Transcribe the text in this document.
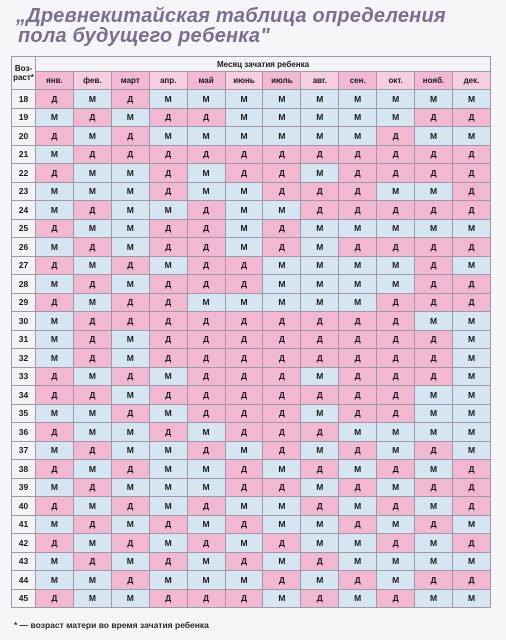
„Древнекитайская таблица определения
пола будущего ребенка"
Воз-раст*	Месяц зачатия ребенка											
	янв.	фев.	март	апр.	май	июнь	июль	авг.	сен.	окт.	нояб.	дек.
18	Д	М	Д	М	М	М	М	М	М	М	М	М
19	М	Д	М	Д	Д	М	М	М	М	М	Д	Д
20	Д	М	Д	М	М	М	М	М	М	Д	М	М
21	М	Д	Д	Д	Д	Д	Д	Д	Д	Д	Д	Д
22	Д	М	М	Д	М	Д	Д	М	Д	Д	Д	Д
23	М	М	М	Д	М	М	Д	Д	Д	М	М	Д
24	М	Д	М	М	Д	М	М	Д	Д	Д	Д	Д
25	Д	М	М	Д	Д	М	Д	М	М	М	М	М
26	М	Д	М	Д	Д	М	Д	М	Д	Д	Д	Д
27	Д	М	Д	М	Д	Д	М	М	М	М	Д	М
28	М	Д	М	Д	Д	Д	М	М	М	М	Д	Д
29	Д	М	Д	Д	М	М	М	М	М	Д	Д	Д
30	М	Д	Д	Д	Д	Д	Д	Д	Д	Д	М	М
31	М	Д	М	Д	Д	Д	Д	Д	Д	Д	Д	М
32	М	Д	М	Д	Д	Д	Д	Д	Д	Д	Д	М
33	Д	М	Д	М	Д	Д	Д	М	Д	Д	Д	М
34	Д	Д	М	Д	Д	Д	Д	Д	Д	Д	М	М
35	М	М	Д	М	Д	Д	Д	М	Д	Д	М	М
36	Д	М	М	Д	М	Д	Д	Д	М	М	М	М
37	М	Д	М	М	Д	М	Д	М	Д	М	Д	М
38	Д	М	Д	М	М	Д	М	Д	М	Д	М	Д
39	М	Д	М	М	М	Д	Д	М	Д	М	Д	Д
40	Д	М	Д	М	Д	М	М	Д	М	Д	М	Д
41	М	Д	М	Д	М	Д	М	М	Д	М	Д	М
42	Д	М	Д	М	Д	М	Д	М	М	Д	М	Д
43	М	Д	М	Д	М	Д	М	Д	М	М	М	М
44	М	М	Д	М	М	М	Д	М	Д	М	Д	Д
45	Д	М	М	Д	Д	Д	М	Д	М	Д	М	М
* — возраст матери во время зачатия ребенка
